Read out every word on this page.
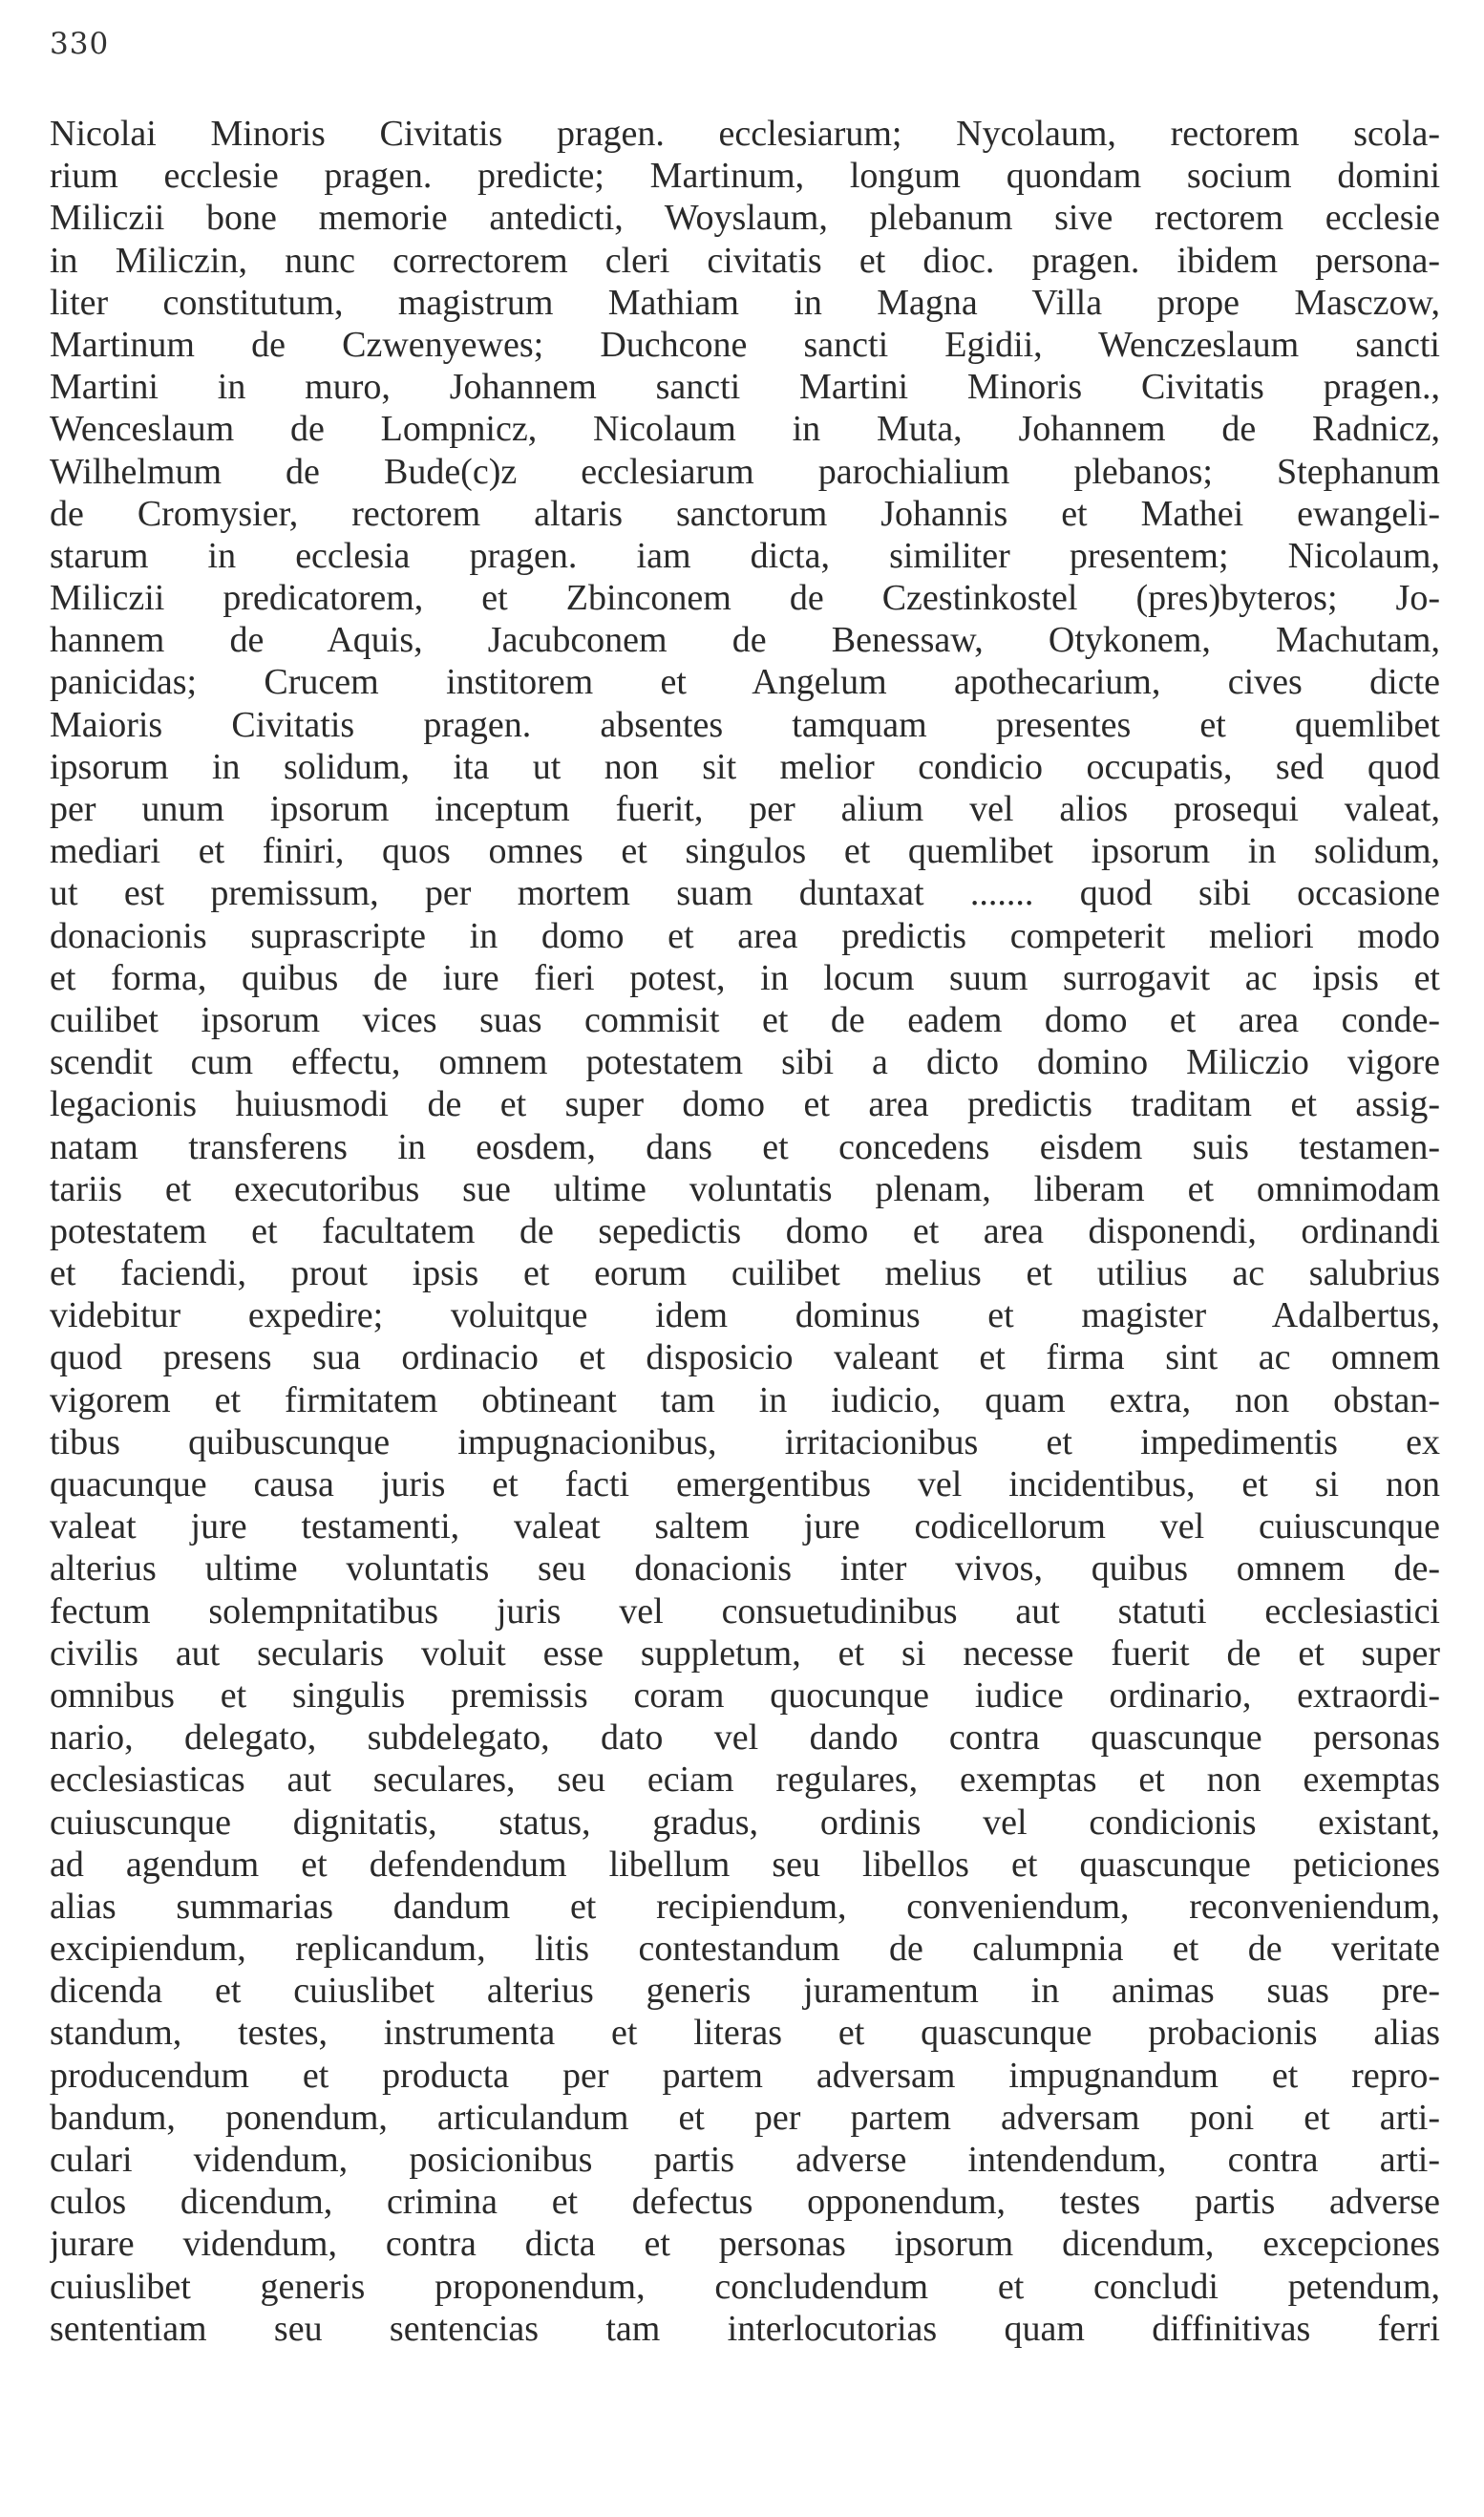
330
Nicolai Minoris Civitatis pragen. ecclesiarum; Nycolaum, rectorem scola-
rium ecclesie pragen. predicte; Martinum, longum quondam socium domini
Miliczii bone memorie antedicti, Woyslaum, plebanum sive rectorem ecclesie
in Miliczin, nunc correctorem cleri civitatis et dioc. pragen. ibidem persona-
liter constitutum, magistrum Mathiam in Magna Villa prope Masczow,
Martinum de Czwenyewes; Duchcone sancti Egidii, Wenczeslaum sancti
Martini in muro, Johannem sancti Martini Minoris Civitatis pragen.,
Wenceslaum de Lompnicz, Nicolaum in Muta, Johannem de Radnicz,
Wilhelmum de Bude(c)z ecclesiarum parochialium plebanos; Stephanum
de Cromysier, rectorem altaris sanctorum Johannis et Mathei ewangeli-
starum in ecclesia pragen. iam dicta, similiter presentem; Nicolaum,
Miliczii predicatorem, et Zbinconem de Czestinkostel (pres)byteros; Jo-
hannem de Aquis, Jacubconem de Benessaw, Otykonem, Machutam,
panicidas; Crucem institorem et Angelum apothecarium, cives dicte
Maioris Civitatis pragen. absentes tamquam presentes et quemlibet
ipsorum in solidum, ita ut non sit melior condicio occupatis, sed quod
per unum ipsorum inceptum fuerit, per alium vel alios prosequi valeat,
mediari et finiri, quos omnes et singulos et quemlibet ipsorum in solidum,
ut est premissum, per mortem suam duntaxat ....... quod sibi occasione
donacionis suprascripte in domo et area predictis competerit meliori modo
et forma, quibus de iure fieri potest, in locum suum surrogavit ac ipsis et
cuilibet ipsorum vices suas commisit et de eadem domo et area conde-
scendit cum effectu, omnem potestatem sibi a dicto domino Miliczio vigore
legacionis huiusmodi de et super domo et area predictis traditam et assig-
natam transferens in eosdem, dans et concedens eisdem suis testamen-
tariis et executoribus sue ultime voluntatis plenam, liberam et omnimodam
potestatem et facultatem de sepedictis domo et area disponendi, ordinandi
et faciendi, prout ipsis et eorum cuilibet melius et utilius ac salubrius
videbitur expedire; voluitque idem dominus et magister Adalbertus,
quod presens sua ordinacio et disposicio valeant et firma sint ac omnem
vigorem et firmitatem obtineant tam in iudicio, quam extra, non obstan-
tibus quibuscunque impugnacionibus, irritacionibus et impedimentis ex
quacunque causa juris et facti emergentibus vel incidentibus, et si non
valeat jure testamenti, valeat saltem jure codicellorum vel cuiuscunque
alterius ultime voluntatis seu donacionis inter vivos, quibus omnem de-
fectum solempnitatibus juris vel consuetudinibus aut statuti ecclesiastici
civilis aut secularis voluit esse suppletum, et si necesse fuerit de et super
omnibus et singulis premissis coram quocunque iudice ordinario, extraordi-
nario, delegato, subdelegato, dato vel dando contra quascunque personas
ecclesiasticas aut seculares, seu eciam regulares, exemptas et non exemptas
cuiuscunque dignitatis, status, gradus, ordinis vel condicionis existant,
ad agendum et defendendum libellum seu libellos et quascunque peticiones
alias summarias dandum et recipiendum, conveniendum, reconveniendum,
excipiendum, replicandum, litis contestandum de calumpnia et de veritate
dicenda et cuiuslibet alterius generis juramentum in animas suas pre-
standum, testes, instrumenta et literas et quascunque probacionis alias
producendum et producta per partem adversam impugnandum et repro-
bandum, ponendum, articulandum et per partem adversam poni et arti-
culari videndum, posicionibus partis adverse intendendum, contra arti-
culos dicendum, crimina et defectus opponendum, testes partis adverse
jurare videndum, contra dicta et personas ipsorum dicendum, excepciones
cuiuslibet generis proponendum, concludendum et concludi petendum,
sententiam seu sentencias tam interlocutorias quam diffinitivas ferri
